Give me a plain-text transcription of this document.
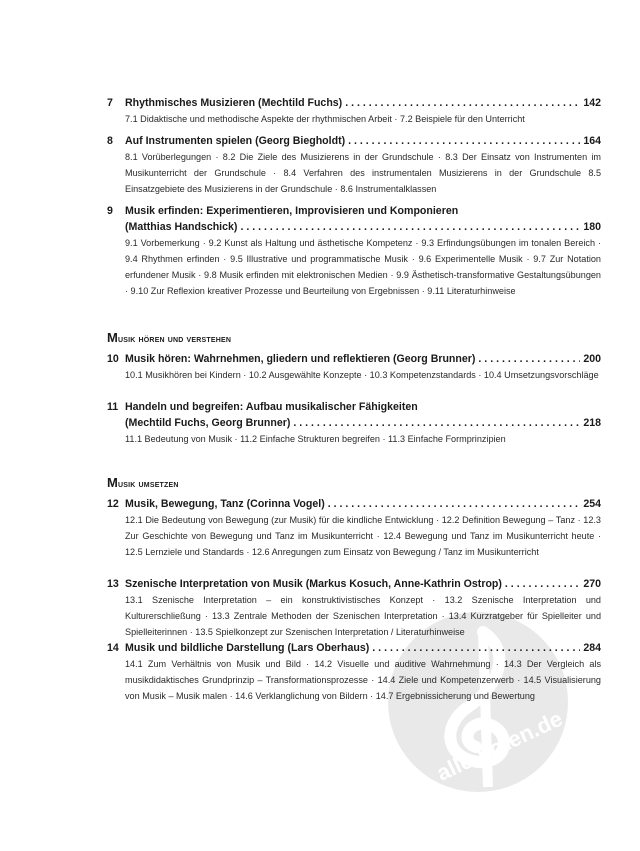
alle-noten.de
7	Rhythmisches Musizieren (Mechtild Fuchs) . . .	142
7.1 Didaktische und methodische Aspekte der rhythmischen Arbeit · 7.2 Beispiele für den Unterricht
8	Auf Instrumenten spielen (Georg Biegholdt) . . .	164
8.1 Vorüberlegungen · 8.2 Die Ziele des Musizierens in der Grundschule · 8.3 Der Einsatz von Instrumenten im Musikunterricht der Grundschule · 8.4 Verfahren des instrumentalen Musizierens in der Grundschule 8.5 Einsatzgebiete des Musizierens in der Grundschule · 8.6 Instrumentalklassen
9	Musik erfinden: Experimentieren, Improvisieren und Komponieren
(Matthias Handschick) . . .	180
9.1 Vorbemerkung · 9.2 Kunst als Haltung und ästhetische Kompetenz · 9.3 Erfindungsübungen im tonalen Bereich · 9.4 Rhythmen erfinden · 9.5 Illustrative und programmatische Musik · 9.6 Experimentelle Musik · 9.7 Zur Notation erfundener Musik · 9.8 Musik erfinden mit elektronischen Medien · 9.9 Ästhetisch-transformative Gestaltungsübungen · 9.10 Zur Reflexion kreativer Prozesse und Beurteilung von Ergebnissen · 9.11 Literaturhinweise
Musik hören und verstehen
10 Musik hören: Wahrnehmen, gliedern und reflektieren (Georg Brunner) . . .	200
10.1 Musikhören bei Kindern · 10.2 Ausgewählte Konzepte · 10.3 Kompetenzstandards · 10.4 Umsetzungsvorschläge
11 Handeln und begreifen: Aufbau musikalischer Fähigkeiten
(Mechtild Fuchs, Georg Brunner) . . .	218
11.1 Bedeutung von Musik · 11.2 Einfache Strukturen begreifen · 11.3 Einfache Formprinzipien
Musik umsetzen
12 Musik, Bewegung, Tanz (Corinna Vogel) . . .	254
12.1 Die Bedeutung von Bewegung (zur Musik) für die kindliche Entwicklung · 12.2 Definition Bewegung – Tanz · 12.3 Zur Geschichte von Bewegung und Tanz im Musikunterricht · 12.4 Bewegung und Tanz im Musikunterricht heute · 12.5 Lernziele und Standards · 12.6 Anregungen zum Einsatz von Bewegung / Tanz im Musikunterricht
13 Szenische Interpretation von Musik (Markus Kosuch, Anne-Kathrin Ostrop) . . .	270
13.1 Szenische Interpretation – ein konstruktivistisches Konzept · 13.2 Szenische Interpretation und Kulturerschließung · 13.3 Zentrale Methoden der Szenischen Interpretation · 13.4 Kurzratgeber für Spielleiter und Spielleiterinnen · 13.5 Spielkonzept zur Szenischen Interpretation / Literaturhinweise
14 Musik und bildliche Darstellung (Lars Oberhaus) . . .	284
14.1 Zum Verhältnis von Musik und Bild · 14.2 Visuelle und auditive Wahrnehmung · 14.3 Der Vergleich als musikdidaktisches Grundprinzip – Transformationsprozesse · 14.4 Ziele und Kompetenzerwerb · 14.5 Visualisierung von Musik – Musik malen · 14.6 Verklanglichung von Bildern · 14.7 Ergebnissicherung und Bewertung
